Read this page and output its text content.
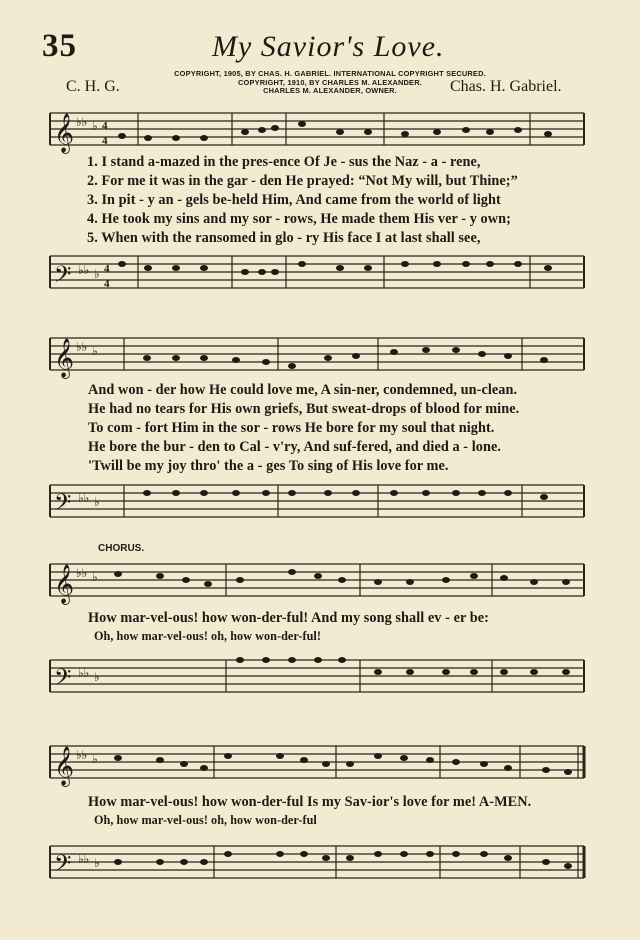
35	My Savior's Love.
C. H. G.
COPYRIGHT, 1905, BY CHAS. H. GABRIEL. INTERNATIONAL COPYRIGHT SECURED.
COPYRIGHT, 1910, BY CHARLES M. ALEXANDER.
CHARLES M. ALEXANDER, OWNER.	Chas. H. Gabriel.
𝄞 ♭♭ ♭ 4
4
1. I stand a-mazed in the pres-ence Of Je - sus the Naz - a - rene,
2. For me it was in the gar - den He prayed: “Not My will, but Thine;”
3. In pit - y an - gels be-held Him, And came from the world of light
4. He took my sins and my sor - rows, He made them His ver - y own;
5. When with the ransomed in glo - ry His face I at last shall see,
𝄢 ♭♭ ♭ 4
4
𝄞 ♭♭ ♭
And won - der how He could love me, A sin-ner, condemned, un-clean.
He had no tears for His own griefs, But sweat-drops of blood for mine.
To com - fort Him in the sor - rows He bore for my soul that night.
He bore the bur - den to Cal - v'ry, And suf-fered, and died a - lone.
'Twill be my joy thro' the a - ges To sing of His love for me.
𝄢 ♭♭ ♭
CHORUS.
𝄞 ♭♭ ♭
How mar-vel-ous! how won-der-ful! And my song shall ev - er be:
Oh, how mar-vel-ous! oh, how won-der-ful!
𝄢 ♭♭ ♭
𝄞 ♭♭ ♭
How mar-vel-ous! how won-der-ful Is my Sav-ior's love for me! A-MEN.
Oh, how mar-vel-ous! oh, how won-der-ful
𝄢 ♭♭ ♭
